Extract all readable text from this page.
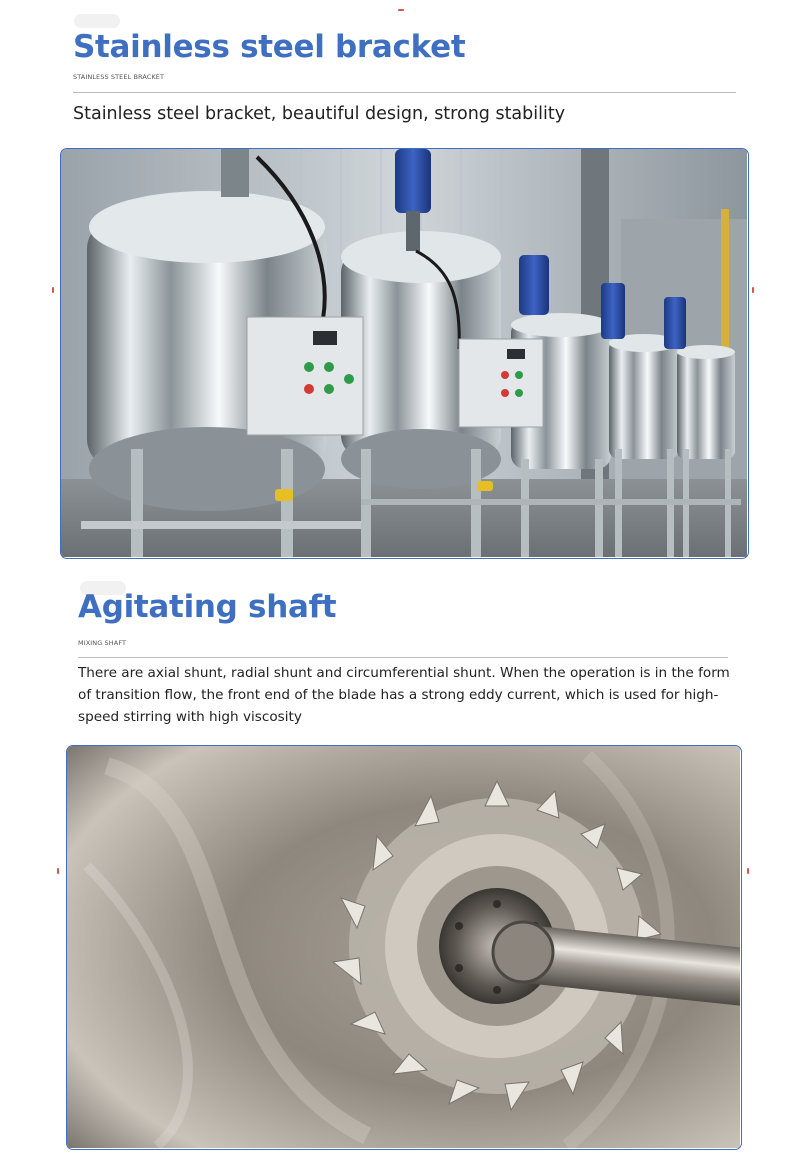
Stainless steel bracket
STAINLESS STEEL BRACKET

Stainless steel bracket, beautiful design, strong stability

Agitating shaft
MIXING SHAFT

There are axial shunt, radial shunt and circumferential shunt. When the operation is in the form of transition flow, the front end of the blade has a strong eddy current, which is used for high-speed stirring with high viscosity
